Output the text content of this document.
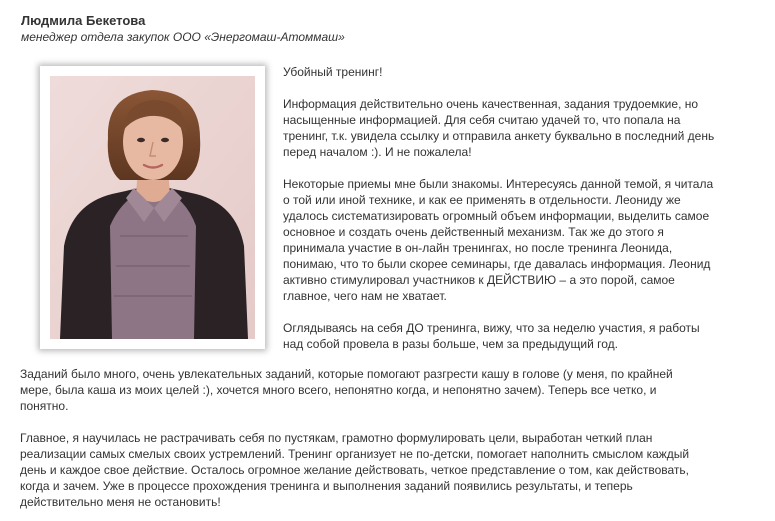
Людмила Бекетова
менеджер отдела закупок ООО «Энергомаш-Атоммаш»

Убойный тренинг!

Информация действительно очень качественная, задания трудоемкие, но

насыщенные информацией. Для себя считаю удачей то, что попала на

тренинг, т.к. увидела ссылку и отправила анкету буквально в последний день

перед началом :). И не пожалела!

Некоторые приемы мне были знакомы. Интересуясь данной темой, я читала

о той или иной технике, и как ее применять в отдельности. Леониду же

удалось систематизировать огромный объем информации, выделить самое

основное и создать очень действенный механизм. Так же до этого я

принимала участие в он-лайн тренингах, но после тренинга Леонида,

понимаю, что то были скорее семинары, где давалась информация. Леонид

активно стимулировал участников к ДЕЙСТВИЮ – а это порой, самое

главное, чего нам не хватает.

Оглядываясь на себя ДО тренинга, вижу, что за неделю участия, я работы

над собой провела в разы больше, чем за предыдущий год.

Заданий было много, очень увлекательных заданий, которые помогают разгрести кашу в голове (у меня, по крайней

мере, была каша из моих целей :), хочется много всего, непонятно когда, и непонятно зачем). Теперь все четко, и

понятно.

Главное, я научилась не растрачивать себя по пустякам, грамотно формулировать цели, выработан четкий план

реализации самых смелых своих устремлений. Тренинг организует не по-детски, помогает наполнить смыслом каждый

день и каждое свое действие. Осталось огромное желание действовать, четкое представление о том, как действовать,

когда и зачем. Уже в процессе прохождения тренинга и выполнения заданий появились результаты, и теперь

действительно меня не остановить!
